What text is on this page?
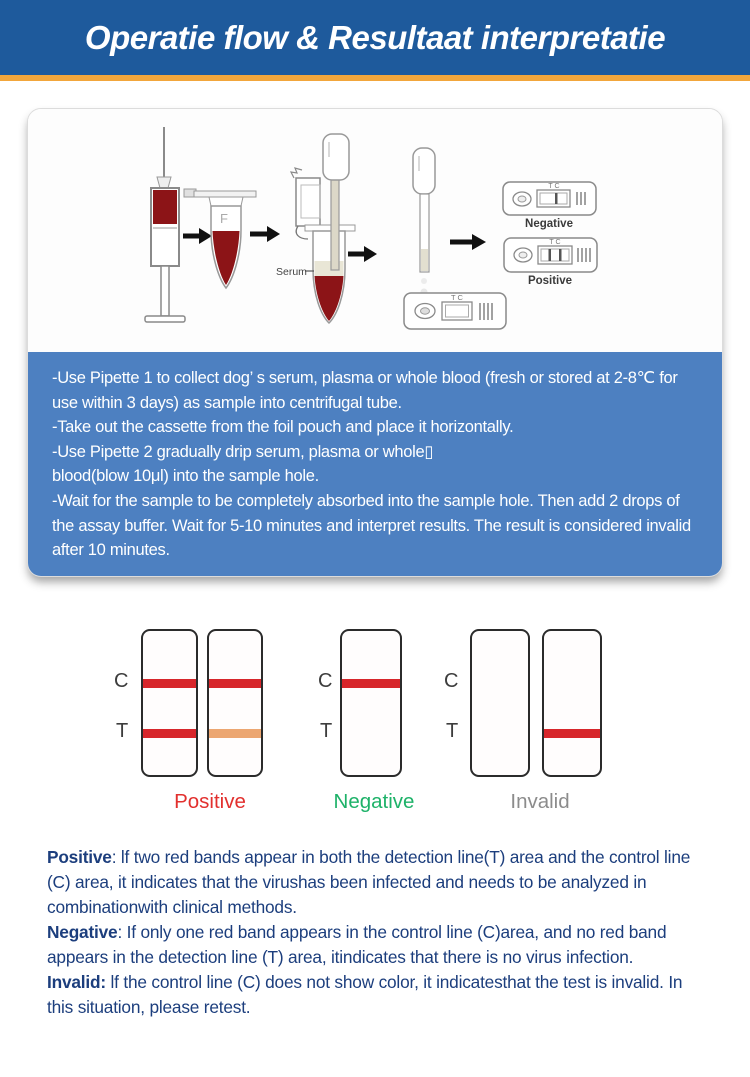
Operatie flow & Resultaat interpretatie
F
Serum
T C
T C
Negative
T C
Positive
-Use Pipette 1 to collect dog’ s serum, plasma or whole blood (fresh or stored at 2-8℃ for use within 3 days) as sample into centrifugal tube.
-Take out the cassette from the foil pouch and place it horizontally.
-Use Pipette 2 gradually drip serum, plasma or whole▯
blood(blow 10μl) into the sample hole.
-Wait for the sample to be completely absorbed into the sample hole. Then add 2 drops of the assay buffer. Wait for 5-10 minutes and interpret results. The result is considered invalid after 10 minutes.
C
T
Positive
C
T
Negative
C
T
Invalid

Positive: lf two red bands appear in both the detection line(T) area and the control line (C) area, it indicates that the virushas been infected and needs to be analyzed in combinationwith clinical methods.

Negative: If only one red band appears in the control line (C)area, and no red band appears in the detection line (T) area, itindicates that there is no virus infection.

Invalid: lf the control line (C) does not show color, it indicatesthat the test is invalid. In this situation, please retest.
